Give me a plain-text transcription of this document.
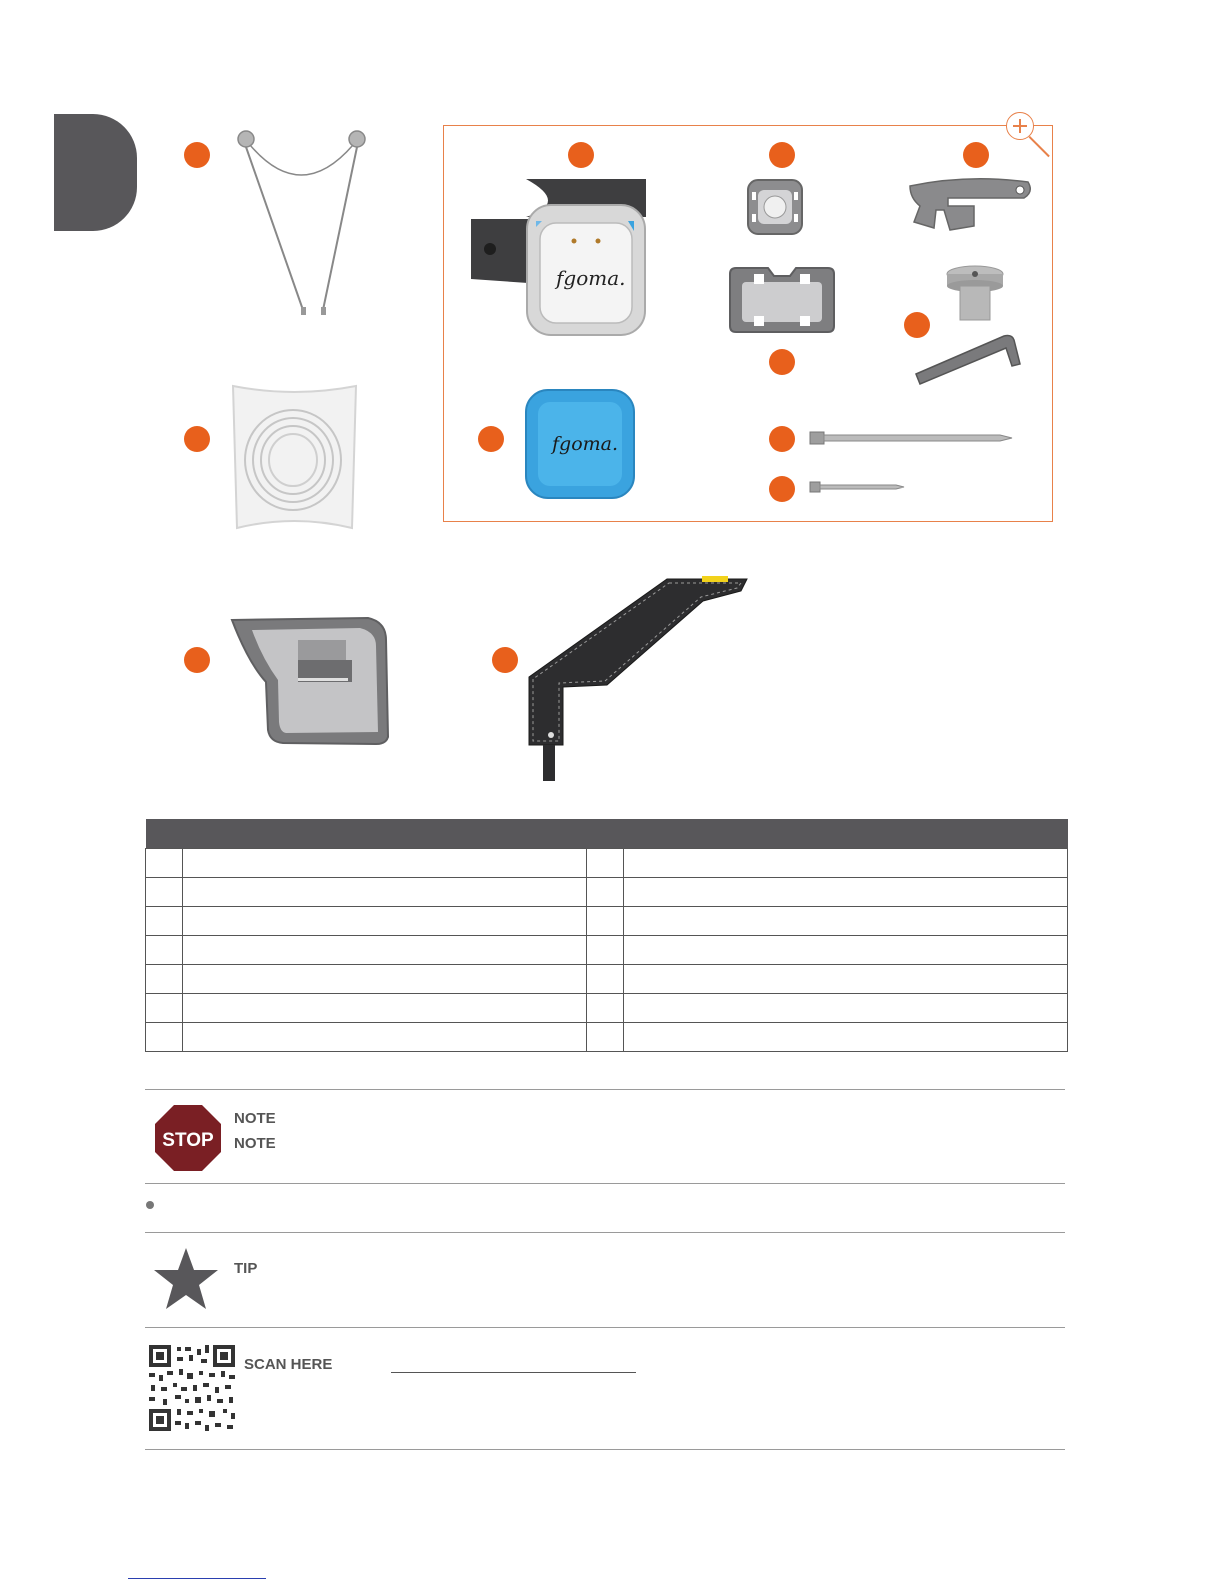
fgoma.
fgoma.

STOP
NOTE
NOTE
TIP
SCAN HERE
